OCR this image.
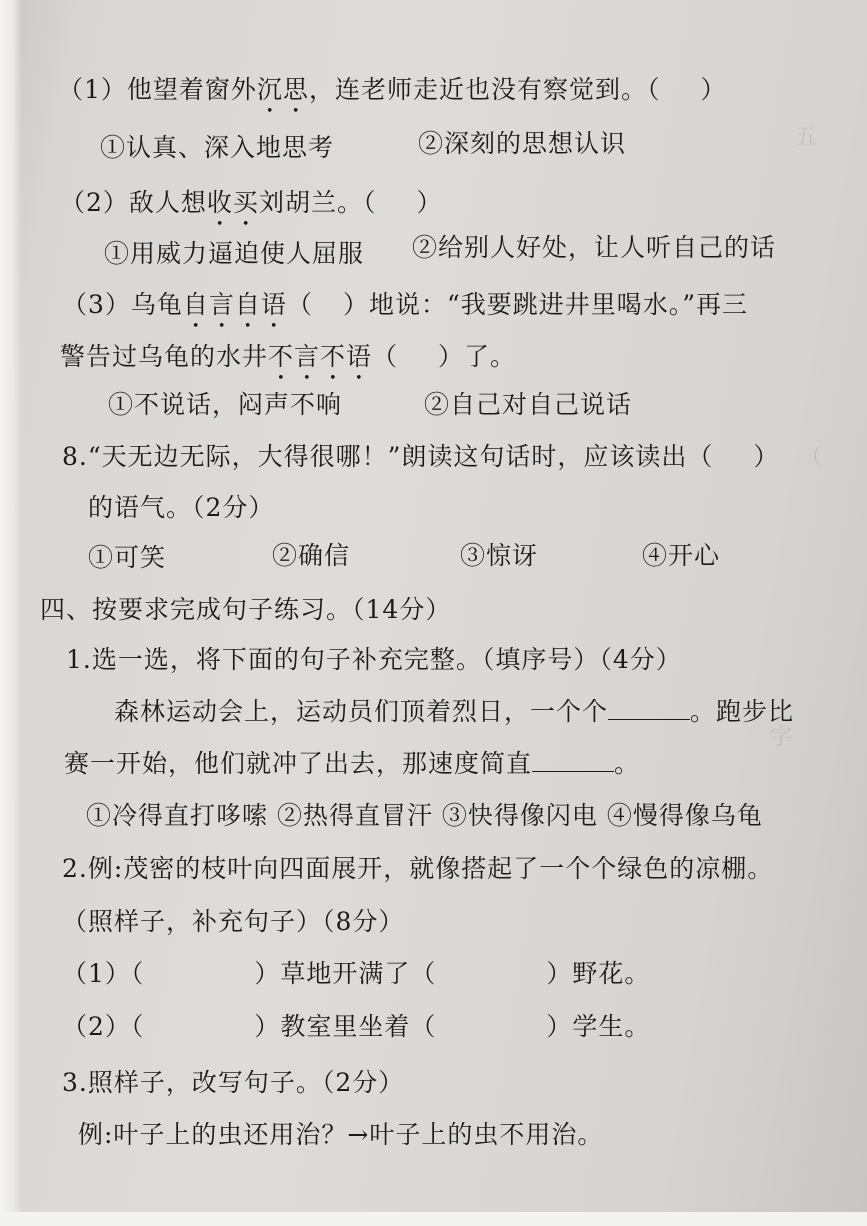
五
（
字
（1）他望着窗外沉思，连老师走近也没有察觉到。（ ）
①认真、深入地思考	②深刻的思想认识
（2）敌人想收买刘胡兰。（ ）
①用威力逼迫使人屈服 ②给别人好处，让人听自己的话
（3）乌龟自言自语（ ）地说：“我要跳进井里喝水。”再三
警告过乌龟的水井不言不语（ ）了。
①不说话，闷声不响	②自己对自己说话
8.“天无边无际，大得很哪！”朗读这句话时，应该读出（ ）
的语气。（2分）
①可笑	②确信	③惊讶	④开心
四、按要求完成句子练习。（14分）
1.选一选，将下面的句子补充完整。（填序号）（4分）
森林运动会上，运动员们顶着烈日，一个个	。跑步比
赛一开始，他们就冲了出去，那速度简直	。
①冷得直打哆嗦 ②热得直冒汗 ③快得像闪电 ④慢得像乌龟
2.例:茂密的枝叶向四面展开，就像搭起了一个个绿色的凉棚。
（照样子，补充句子）（8分）
（1）（	）草地开满了（	）野花。
（2）（	）教室里坐着（	）学生。
3.照样子，改写句子。（2分）
例:叶子上的虫还用治？→叶子上的虫不用治。
